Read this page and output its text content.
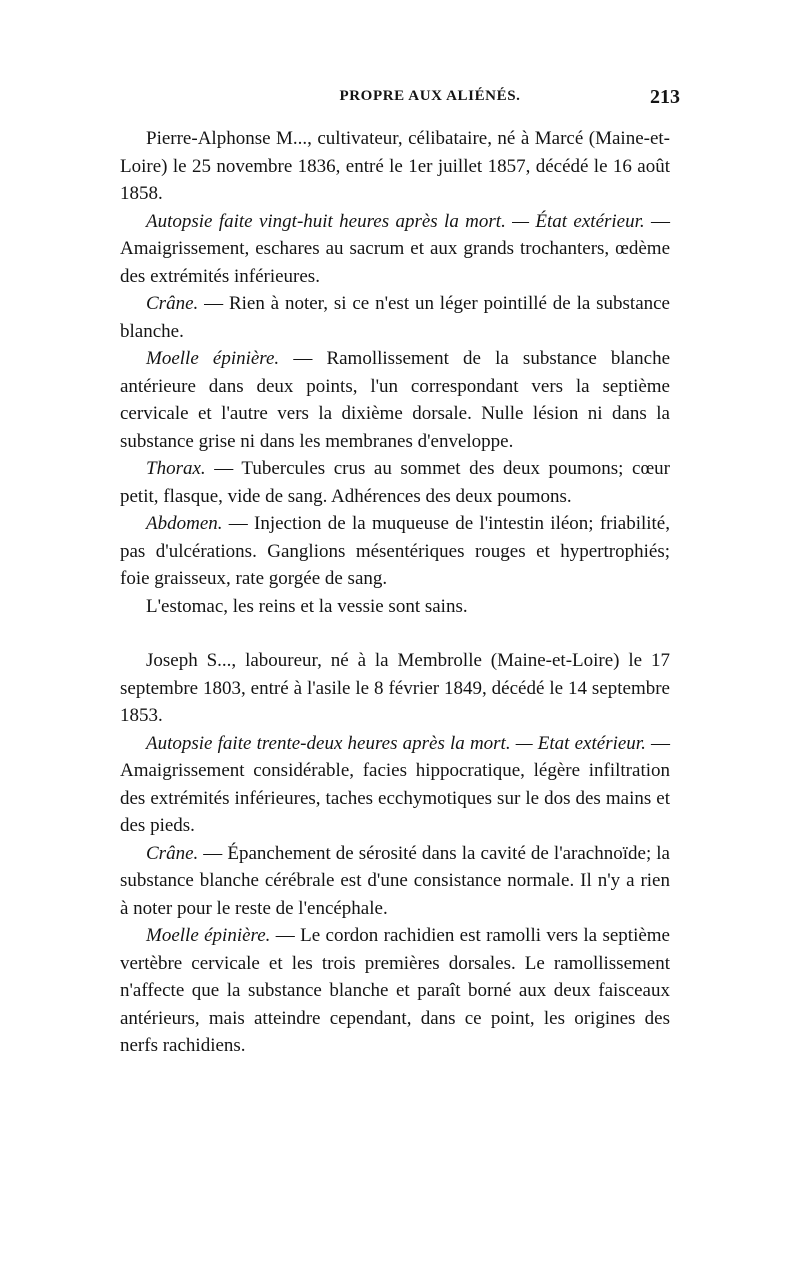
PROPRE AUX ALIÉNÉS.	213

Pierre-Alphonse M..., cultivateur, célibataire, né à Marcé (Maine-et-Loire) le 25 novembre 1836, entré le 1er juillet 1857, décédé le 16 août 1858.

Autopsie faite vingt-huit heures après la mort. — État extérieur. — Amaigrissement, eschares au sacrum et aux grands trochanters, œdème des extrémités inférieures.

Crâne. — Rien à noter, si ce n'est un léger pointillé de la substance blanche.

Moelle épinière. — Ramollissement de la substance blanche antérieure dans deux points, l'un correspondant vers la septième cervicale et l'autre vers la dixième dorsale. Nulle lésion ni dans la substance grise ni dans les membranes d'enveloppe.

Thorax. — Tubercules crus au sommet des deux poumons; cœur petit, flasque, vide de sang. Adhérences des deux poumons.

Abdomen. — Injection de la muqueuse de l'intestin iléon; friabilité, pas d'ulcérations. Ganglions mésentériques rouges et hypertrophiés; foie graisseux, rate gorgée de sang.

L'estomac, les reins et la vessie sont sains.

Joseph S..., laboureur, né à la Membrolle (Maine-et-Loire) le 17 septembre 1803, entré à l'asile le 8 février 1849, décédé le 14 septembre 1853.

Autopsie faite trente-deux heures après la mort. — Etat extérieur. — Amaigrissement considérable, facies hippocratique, légère infiltration des extrémités inférieures, taches ecchymotiques sur le dos des mains et des pieds.

Crâne. — Épanchement de sérosité dans la cavité de l'arachnoïde; la substance blanche cérébrale est d'une consistance normale. Il n'y a rien à noter pour le reste de l'encéphale.

Moelle épinière. — Le cordon rachidien est ramolli vers la septième vertèbre cervicale et les trois premières dorsales. Le ramollissement n'affecte que la substance blanche et paraît borné aux deux faisceaux antérieurs, mais atteindre cependant, dans ce point, les origines des nerfs rachidiens.
